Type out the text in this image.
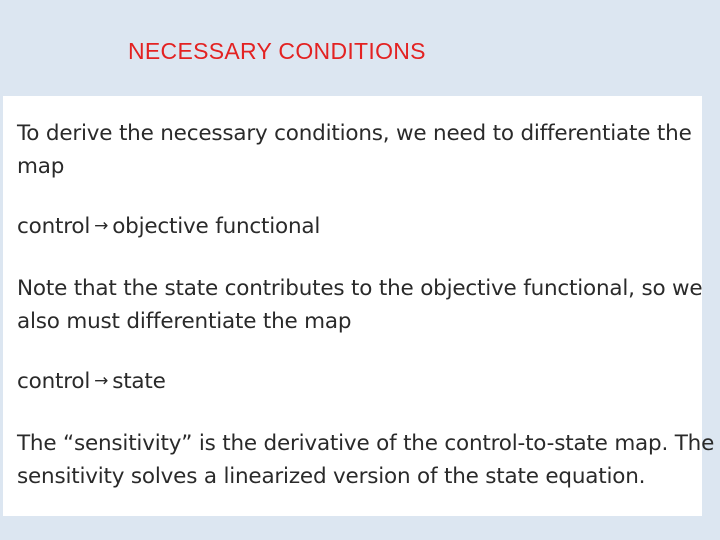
NECESSARY CONDITIONS
To derive the necessary conditions, we need to differentiate the
map
control → objective functional
Note that the state contributes to the objective functional, so we
also must differentiate the map
control → state
The “sensitivity” is the derivative of the control-to-state map. The
sensitivity solves a linearized version of the state equation.
